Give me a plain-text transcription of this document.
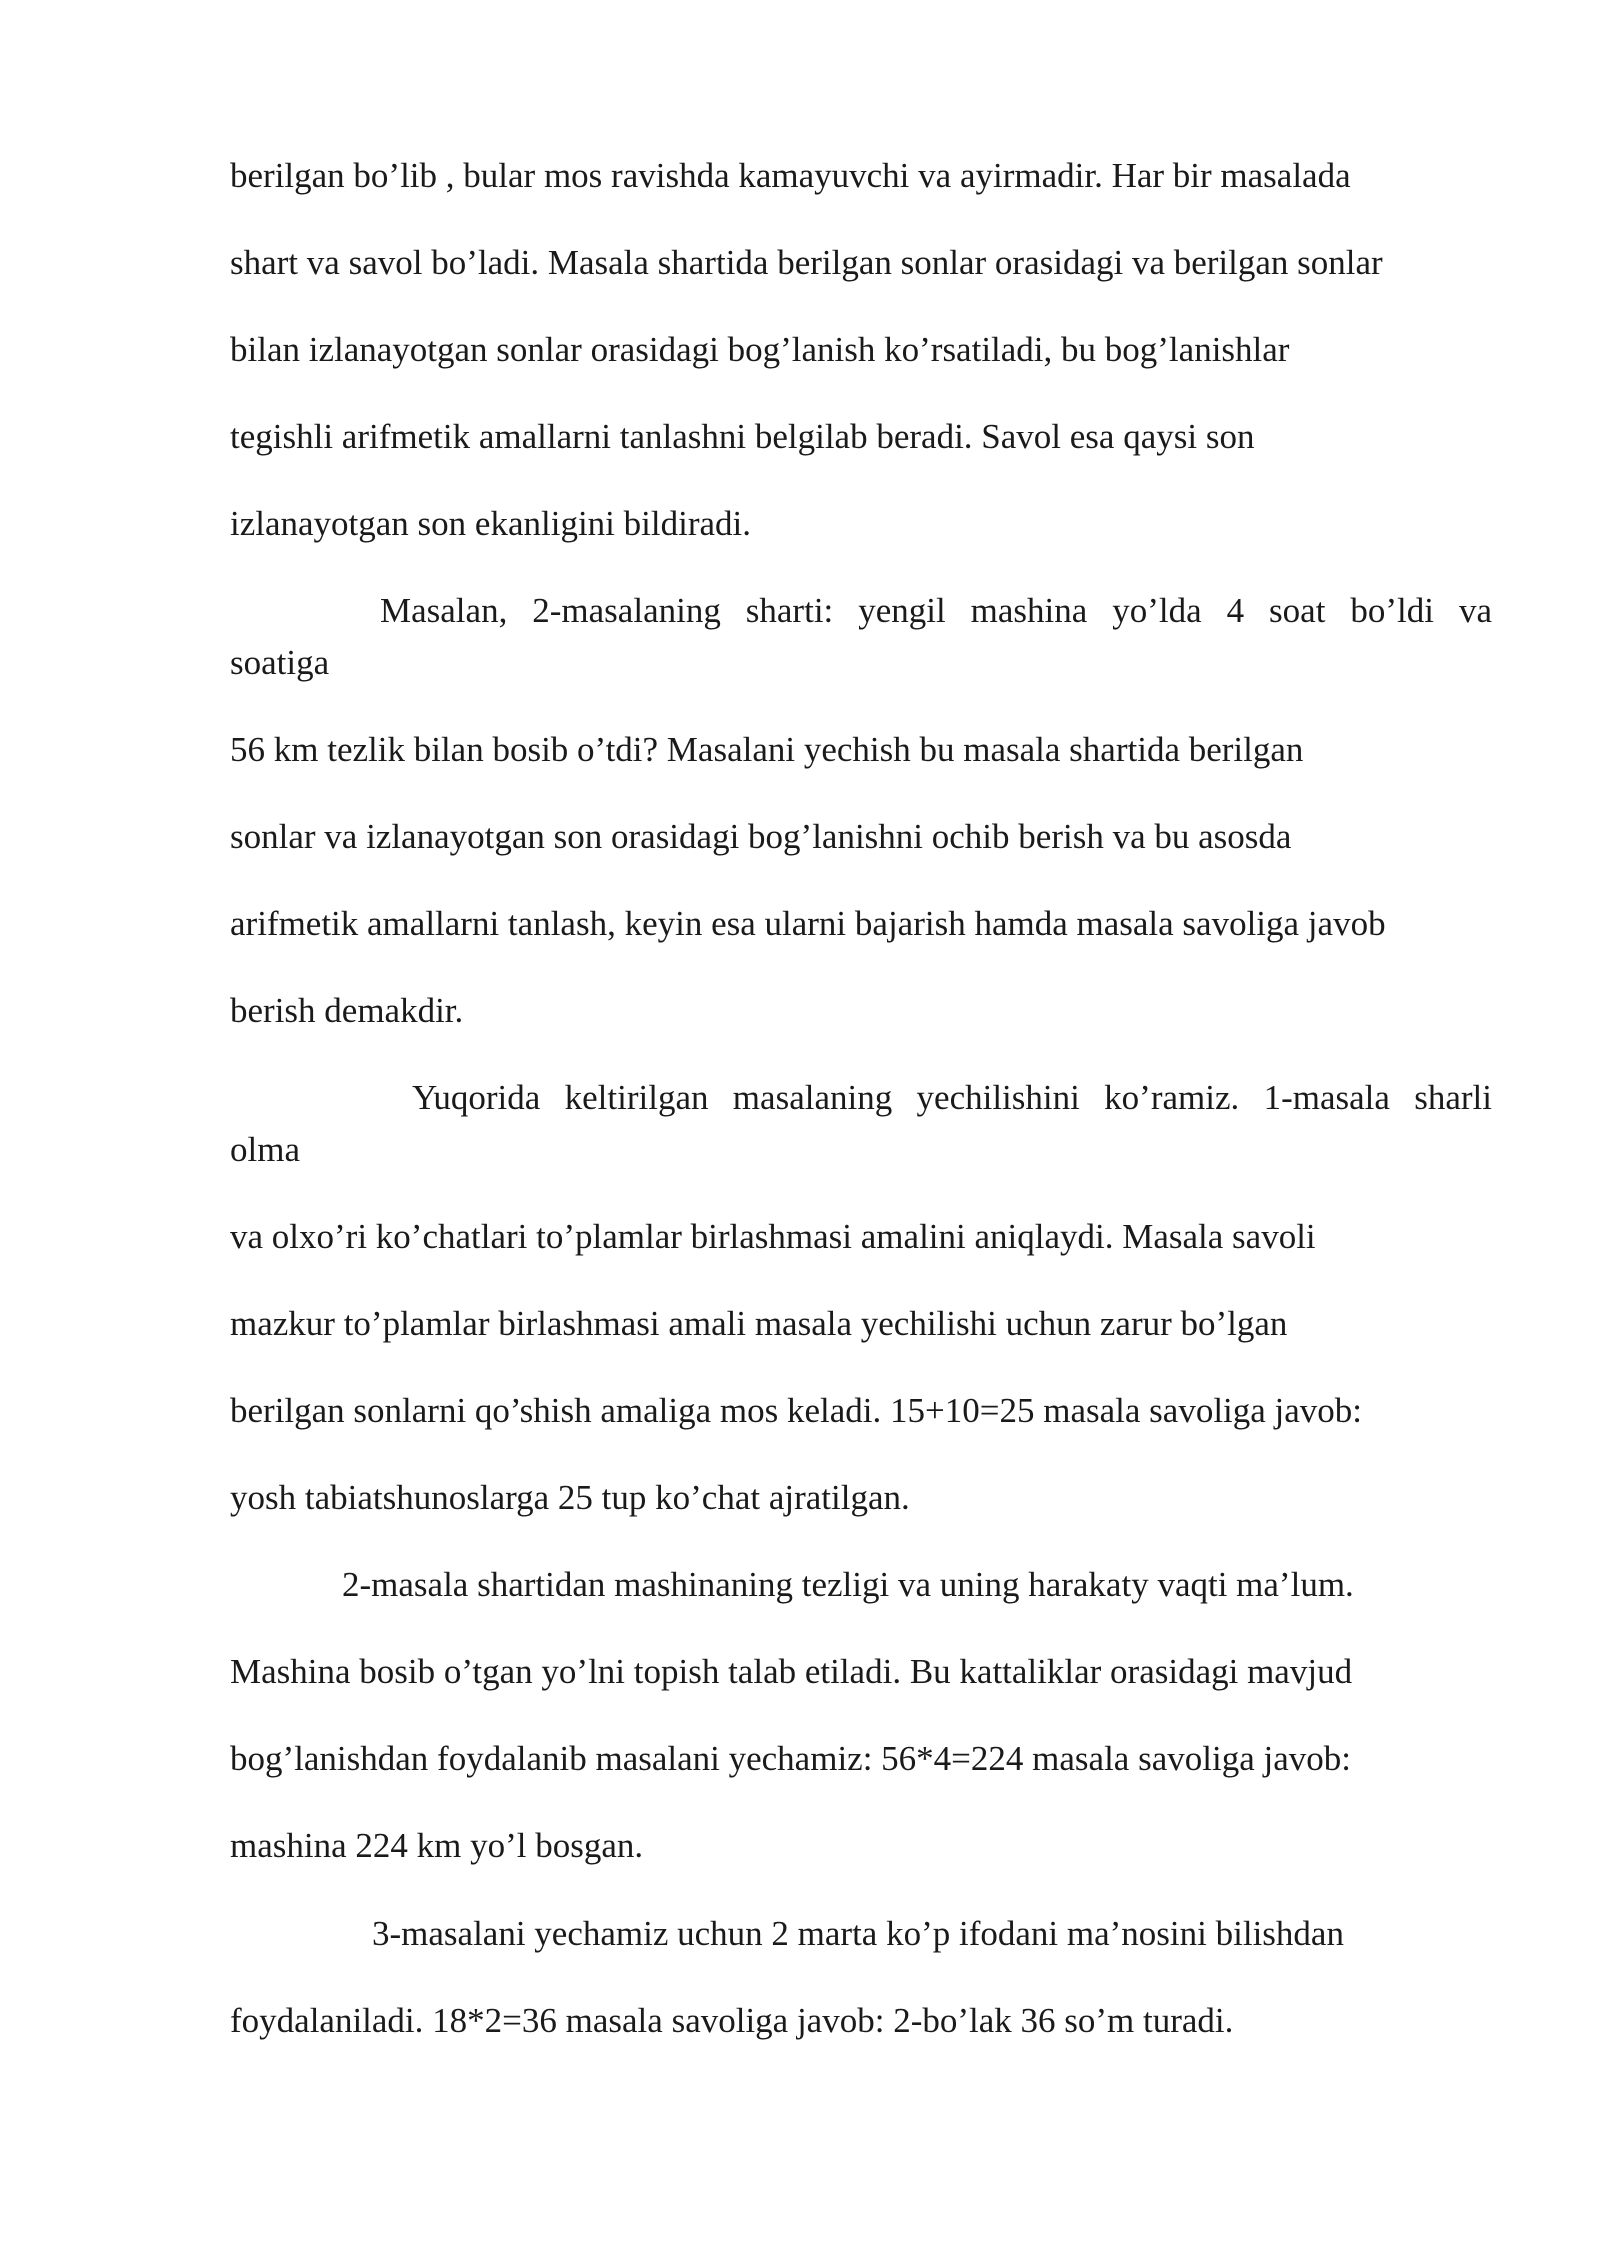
berilgan bo’lib , bular mos ravishda kamayuvchi va ayirmadir. Har bir masalada
shart va savol bo’ladi. Masala shartida berilgan sonlar orasidagi va berilgan sonlar
bilan izlanayotgan sonlar orasidagi bog’lanish ko’rsatiladi, bu bog’lanishlar
tegishli arifmetik amallarni tanlashni belgilab beradi. Savol esa qaysi son
izlanayotgan son ekanligini bildiradi.
Masalan, 2-masalaning sharti: yengil mashina yo’lda 4 soat bo’ldi va
soatiga
56 km tezlik bilan bosib o’tdi? Masalani yechish bu masala shartida berilgan
sonlar va izlanayotgan son orasidagi bog’lanishni ochib berish va bu asosda
arifmetik amallarni tanlash, keyin esa ularni bajarish hamda masala savoliga javob
berish demakdir.
Yuqorida keltirilgan masalaning yechilishini ko’ramiz. 1-masala sharli
olma
va olxo’ri ko’chatlari to’plamlar birlashmasi amalini aniqlaydi. Masala savoli
mazkur to’plamlar birlashmasi amali masala yechilishi uchun zarur bo’lgan
berilgan sonlarni qo’shish amaliga mos keladi. 15+10=25 masala savoliga javob:
yosh tabiatshunoslarga 25 tup ko’chat ajratilgan.
2-masala shartidan mashinaning tezligi va uning harakaty vaqti ma’lum.
Mashina bosib o’tgan yo’lni topish talab etiladi. Bu kattaliklar orasidagi mavjud
bog’lanishdan foydalanib masalani yechamiz: 56*4=224 masala savoliga javob:
mashina 224 km yo’l bosgan.
3-masalani yechamiz uchun 2 marta ko’p ifodani ma’nosini bilishdan
foydalaniladi. 18*2=36 masala savoliga javob: 2-bo’lak 36 so’m turadi.
